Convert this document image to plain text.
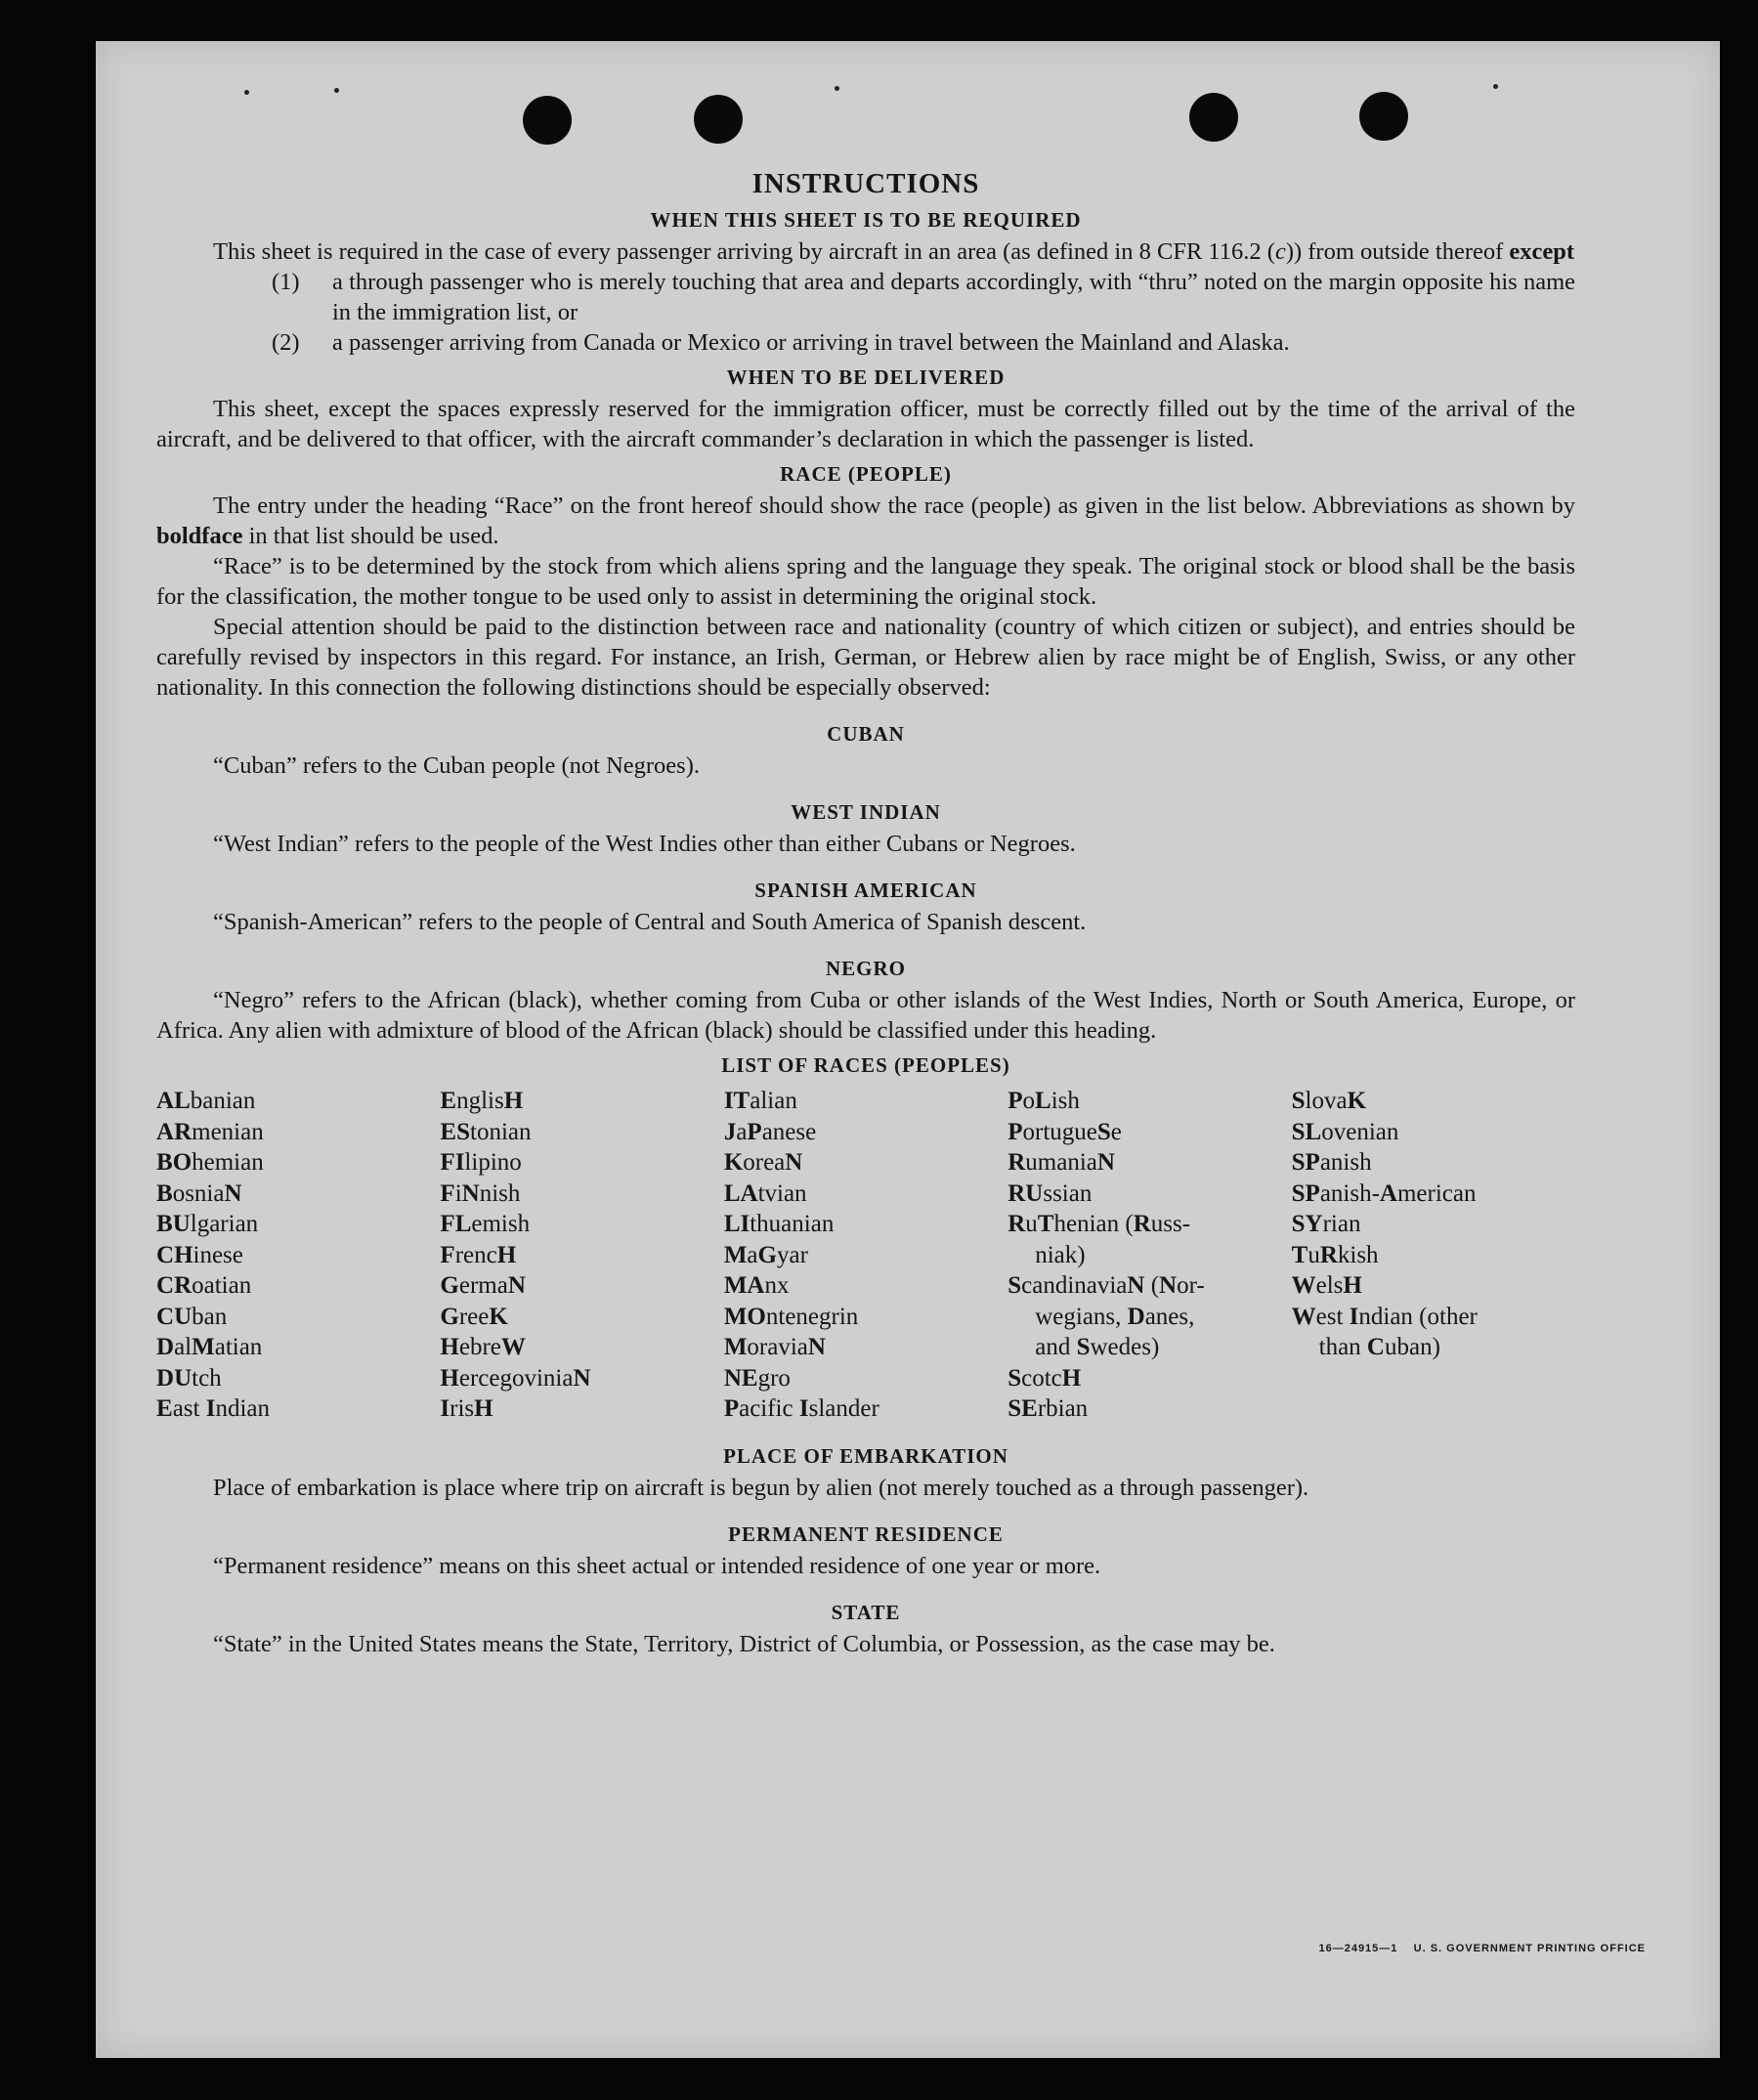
INSTRUCTIONS
WHEN THIS SHEET IS TO BE REQUIRED

This sheet is required in the case of every passenger arriving by aircraft in an area (as defined in 8 CFR 116.2 (c)) from outside thereof except

(1)	a through passenger who is merely touching that area and departs accordingly, with “thru” noted on the margin opposite his name in the immigration list, or
(2)	a passenger arriving from Canada or Mexico or arriving in travel between the Mainland and Alaska.
WHEN TO BE DELIVERED

This sheet, except the spaces expressly reserved for the immigration officer, must be correctly filled out by the time of the arrival of the aircraft, and be delivered to that officer, with the aircraft commander’s declaration in which the passenger is listed.

RACE (PEOPLE)

The entry under the heading “Race” on the front hereof should show the race (people) as given in the list below. Abbreviations as shown by boldface in that list should be used.

“Race” is to be determined by the stock from which aliens spring and the language they speak. The original stock or blood shall be the basis for the classification, the mother tongue to be used only to assist in determining the original stock.

Special attention should be paid to the distinction between race and nationality (country of which citizen or subject), and entries should be carefully revised by inspectors in this regard. For instance, an Irish, German, or Hebrew alien by race might be of English, Swiss, or any other nationality. In this connection the following distinctions should be especially observed:

CUBAN

“Cuban” refers to the Cuban people (not Negroes).

WEST INDIAN

“West Indian” refers to the people of the West Indies other than either Cubans or Negroes.

SPANISH AMERICAN

“Spanish-American” refers to the people of Central and South America of Spanish descent.

NEGRO

“Negro” refers to the African (black), whether coming from Cuba or other islands of the West Indies, North or South America, Europe, or Africa. Any alien with admixture of blood of the African (black) should be classified under this heading.

LIST OF RACES (PEOPLES)
ALbanian
ARmenian
BOhemian
BosniaN
BUlgarian
CHinese
CRoatian
CUban
DalMatian
DUtch
East Indian
EnglisH
EStonian
FIlipino
FiNnish
FLemish
FrencH
GermaN
GreeK
HebreW
HercegoviniaN
IrisH
ITalian
JaPanese
KoreaN
LAtvian
LIthuanian
MaGyar
MAnx
MOntenegrin
MoraviaN
NEgro
Pacific Islander
PoLish
PortugueSe
RumaniaN
RUssian
RuThenian (Russ-
niak)
ScandinaviaN (Nor-
wegians, Danes,
and Swedes)
ScotcH
SErbian
SlovaK
SLovenian
SPanish
SPanish-American
SYrian
TuRkish
WelsH
West Indian (other
than Cuban)
PLACE OF EMBARKATION

Place of embarkation is place where trip on aircraft is begun by alien (not merely touched as a through passenger).

PERMANENT RESIDENCE

“Permanent residence” means on this sheet actual or intended residence of one year or more.

STATE

“State” in the United States means the State, Territory, District of Columbia, or Possession, as the case may be.

16—24915—1 U. S. GOVERNMENT PRINTING OFFICE
